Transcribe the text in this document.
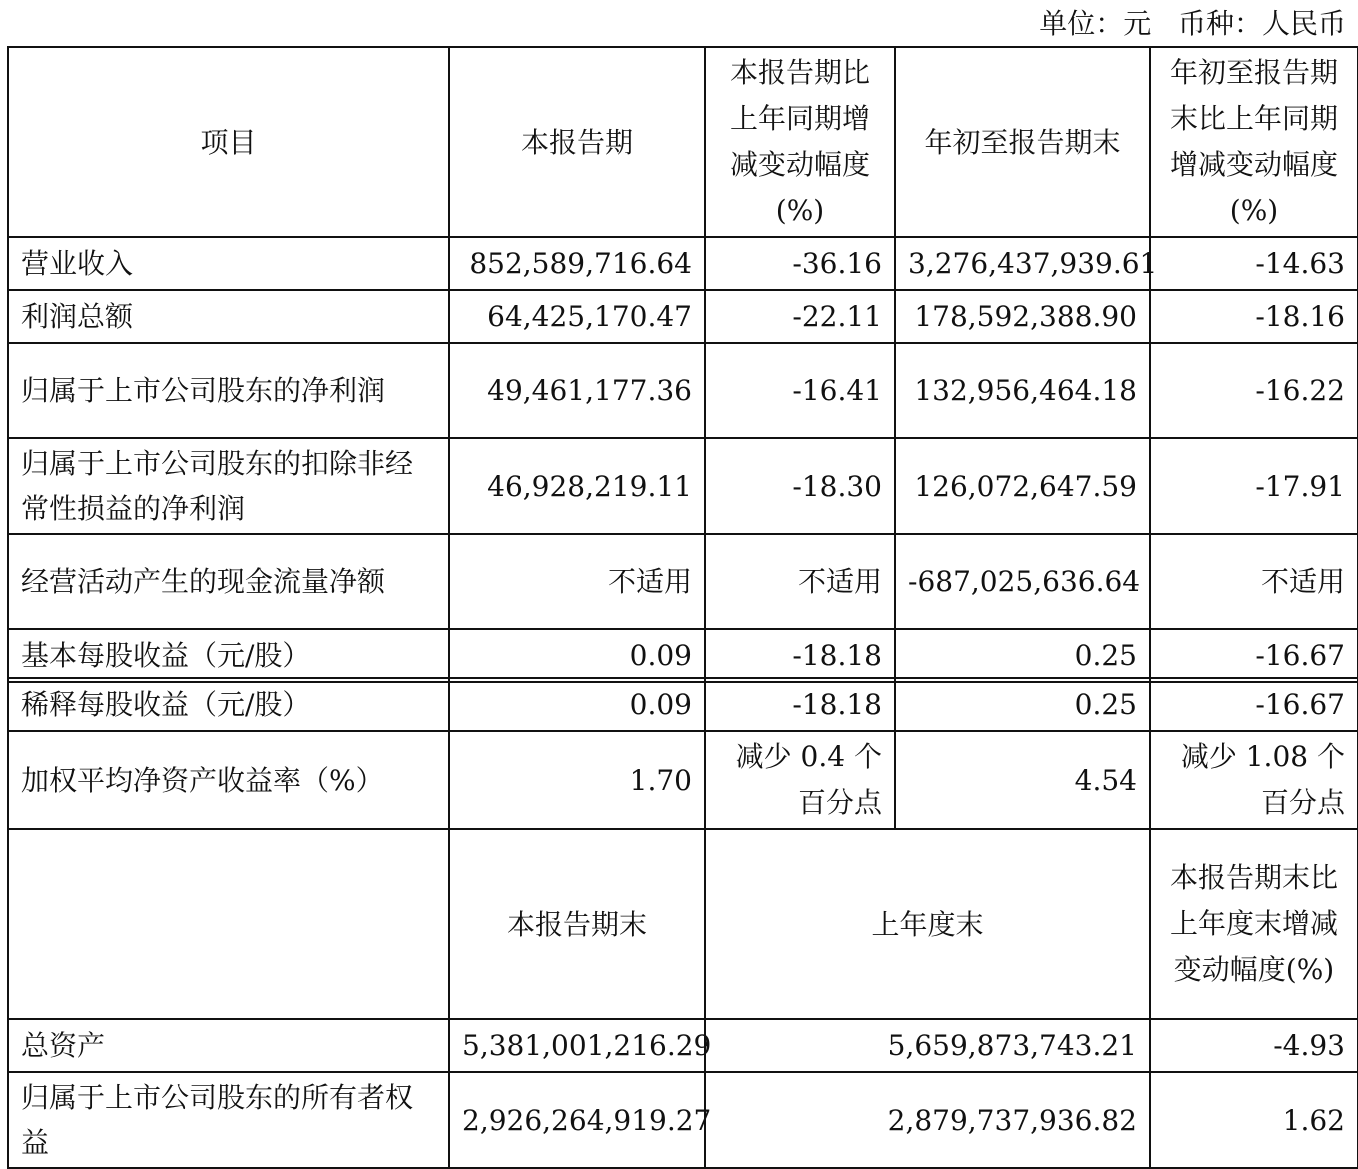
单位：元   币种：人民币
项目	本报告期	本报告期比上年同期增减变动幅度(%)	年初至报告期末	年初至报告期末比上年同期增减变动幅度(%)
营业收入	852,589,716.64	-36.16	3,276,437,939.61	-14.63
利润总额	64,425,170.47	-22.11	178,592,388.90	-18.16
归属于上市公司股东的净利润	49,461,177.36	-16.41	132,956,464.18	-16.22
归属于上市公司股东的扣除非经常性损益的净利润	46,928,219.11	-18.30	126,072,647.59	-17.91
经营活动产生的现金流量净额	不适用	不适用	-687,025,636.64	不适用
基本每股收益（元/股）	0.09	-18.18	0.25	-16.67
稀释每股收益（元/股）	0.09	-18.18	0.25	-16.67
加权平均净资产收益率（%）	1.70	减少 0.4 个百分点	4.54	减少 1.08 个百分点
	本报告期末	上年度末		本报告期末比上年度末增减变动幅度(%)
总资产	5,381,001,216.29	5,659,873,743.21		-4.93
归属于上市公司股东的所有者权益	2,926,264,919.27	2,879,737,936.82		1.62
